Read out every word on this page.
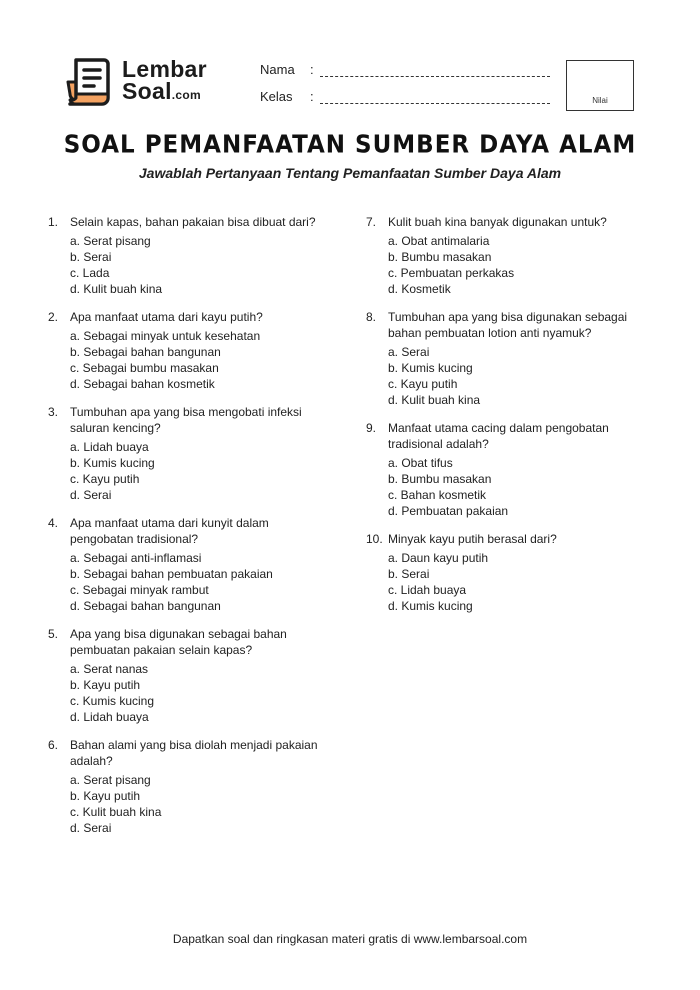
Lembar
Soal.com
Nama :
Kelas :	Nilai
SOAL PEMANFAATAN SUMBER DAYA ALAM
Jawablah Pertanyaan Tentang Pemanfaatan Sumber Daya Alam
1. Selain kapas, bahan pakaian bisa dibuat dari?
a. Serat pisang
b. Serai
c. Lada
d. Kulit buah kina
2. Apa manfaat utama dari kayu putih?
a. Sebagai minyak untuk kesehatan
b. Sebagai bahan bangunan
c. Sebagai bumbu masakan
d. Sebagai bahan kosmetik
3. Tumbuhan apa yang bisa mengobati infeksi saluran kencing?
a. Lidah buaya
b. Kumis kucing
c. Kayu putih
d. Serai
4. Apa manfaat utama dari kunyit dalam pengobatan tradisional?
a. Sebagai anti-inflamasi
b. Sebagai bahan pembuatan pakaian
c. Sebagai minyak rambut
d. Sebagai bahan bangunan
5. Apa yang bisa digunakan sebagai bahan pembuatan pakaian selain kapas?
a. Serat nanas
b. Kayu putih
c. Kumis kucing
d. Lidah buaya
6. Bahan alami yang bisa diolah menjadi pakaian adalah?
a. Serat pisang
b. Kayu putih
c. Kulit buah kina
d. Serai
7. Kulit buah kina banyak digunakan untuk?
a. Obat antimalaria
b. Bumbu masakan
c. Pembuatan perkakas
d. Kosmetik
8. Tumbuhan apa yang bisa digunakan sebagai bahan pembuatan lotion anti nyamuk?
a. Serai
b. Kumis kucing
c. Kayu putih
d. Kulit buah kina
9. Manfaat utama cacing dalam pengobatan tradisional adalah?
a. Obat tifus
b. Bumbu masakan
c. Bahan kosmetik
d. Pembuatan pakaian
10. Minyak kayu putih berasal dari?
a. Daun kayu putih
b. Serai
c. Lidah buaya
d. Kumis kucing
Dapatkan soal dan ringkasan materi gratis di www.lembarsoal.com
